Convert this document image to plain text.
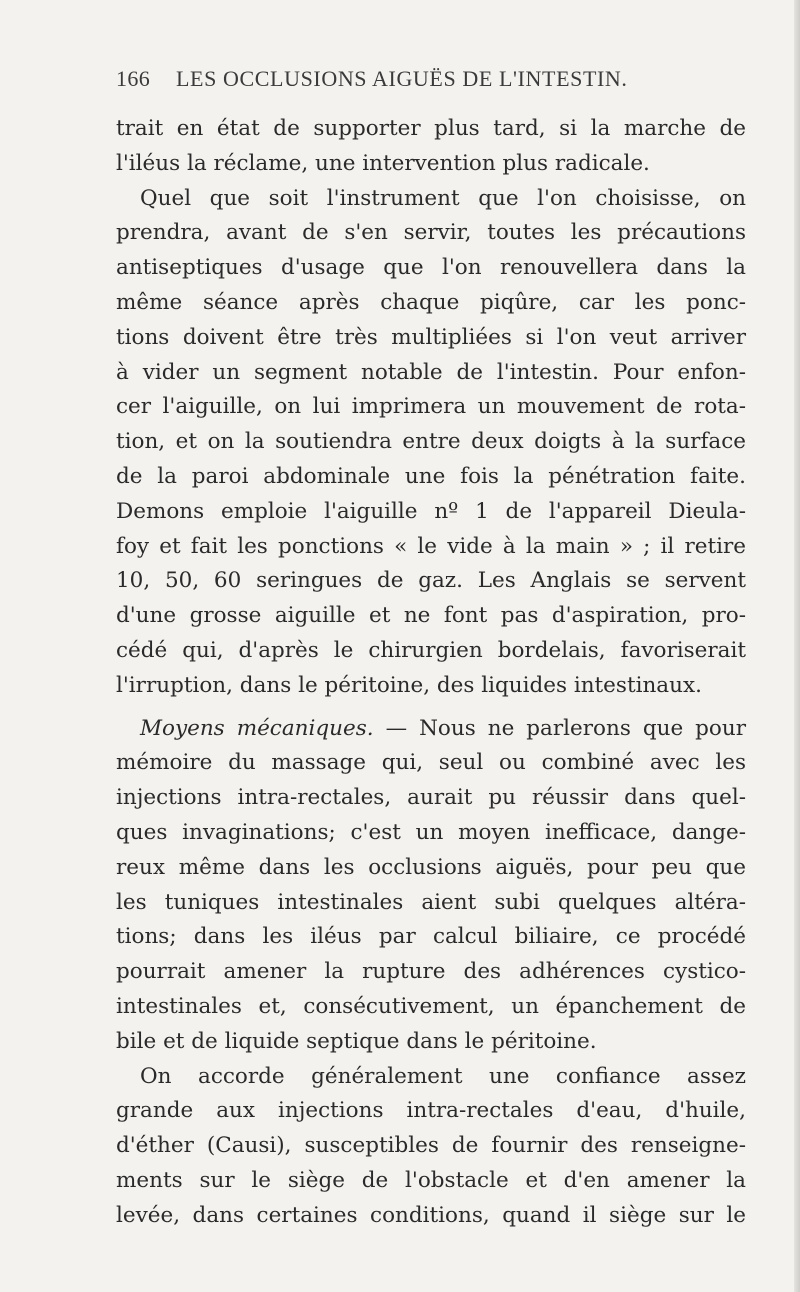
166 LES OCCLUSIONS AIGUËS DE L'INTESTIN.
trait en état de supporter plus tard, si la marche de
l'iléus la réclame, une intervention plus radicale.
Quel que soit l'instrument que l'on choisisse, on
prendra, avant de s'en servir, toutes les précautions
antiseptiques d'usage que l'on renouvellera dans la
même séance après chaque piqûre, car les ponc-
tions doivent être très multipliées si l'on veut arriver
à vider un segment notable de l'intestin. Pour enfon-
cer l'aiguille, on lui imprimera un mouvement de rota-
tion, et on la soutiendra entre deux doigts à la surface
de la paroi abdominale une fois la pénétration faite.
Demons emploie l'aiguille nº 1 de l'appareil Dieula-
foy et fait les ponctions « le vide à la main » ; il retire
10, 50, 60 seringues de gaz. Les Anglais se servent
d'une grosse aiguille et ne font pas d'aspiration, pro-
cédé qui, d'après le chirurgien bordelais, favoriserait
l'irruption, dans le péritoine, des liquides intestinaux.
Moyens mécaniques. — Nous ne parlerons que pour
mémoire du massage qui, seul ou combiné avec les
injections intra-rectales, aurait pu réussir dans quel-
ques invaginations; c'est un moyen inefficace, dange-
reux même dans les occlusions aiguës, pour peu que
les tuniques intestinales aient subi quelques altéra-
tions; dans les iléus par calcul biliaire, ce procédé
pourrait amener la rupture des adhérences cystico-
intestinales et, consécutivement, un épanchement de
bile et de liquide septique dans le péritoine.
On accorde généralement une confiance assez
grande aux injections intra-rectales d'eau, d'huile,
d'éther (Causi), susceptibles de fournir des renseigne-
ments sur le siège de l'obstacle et d'en amener la
levée, dans certaines conditions, quand il siège sur le
